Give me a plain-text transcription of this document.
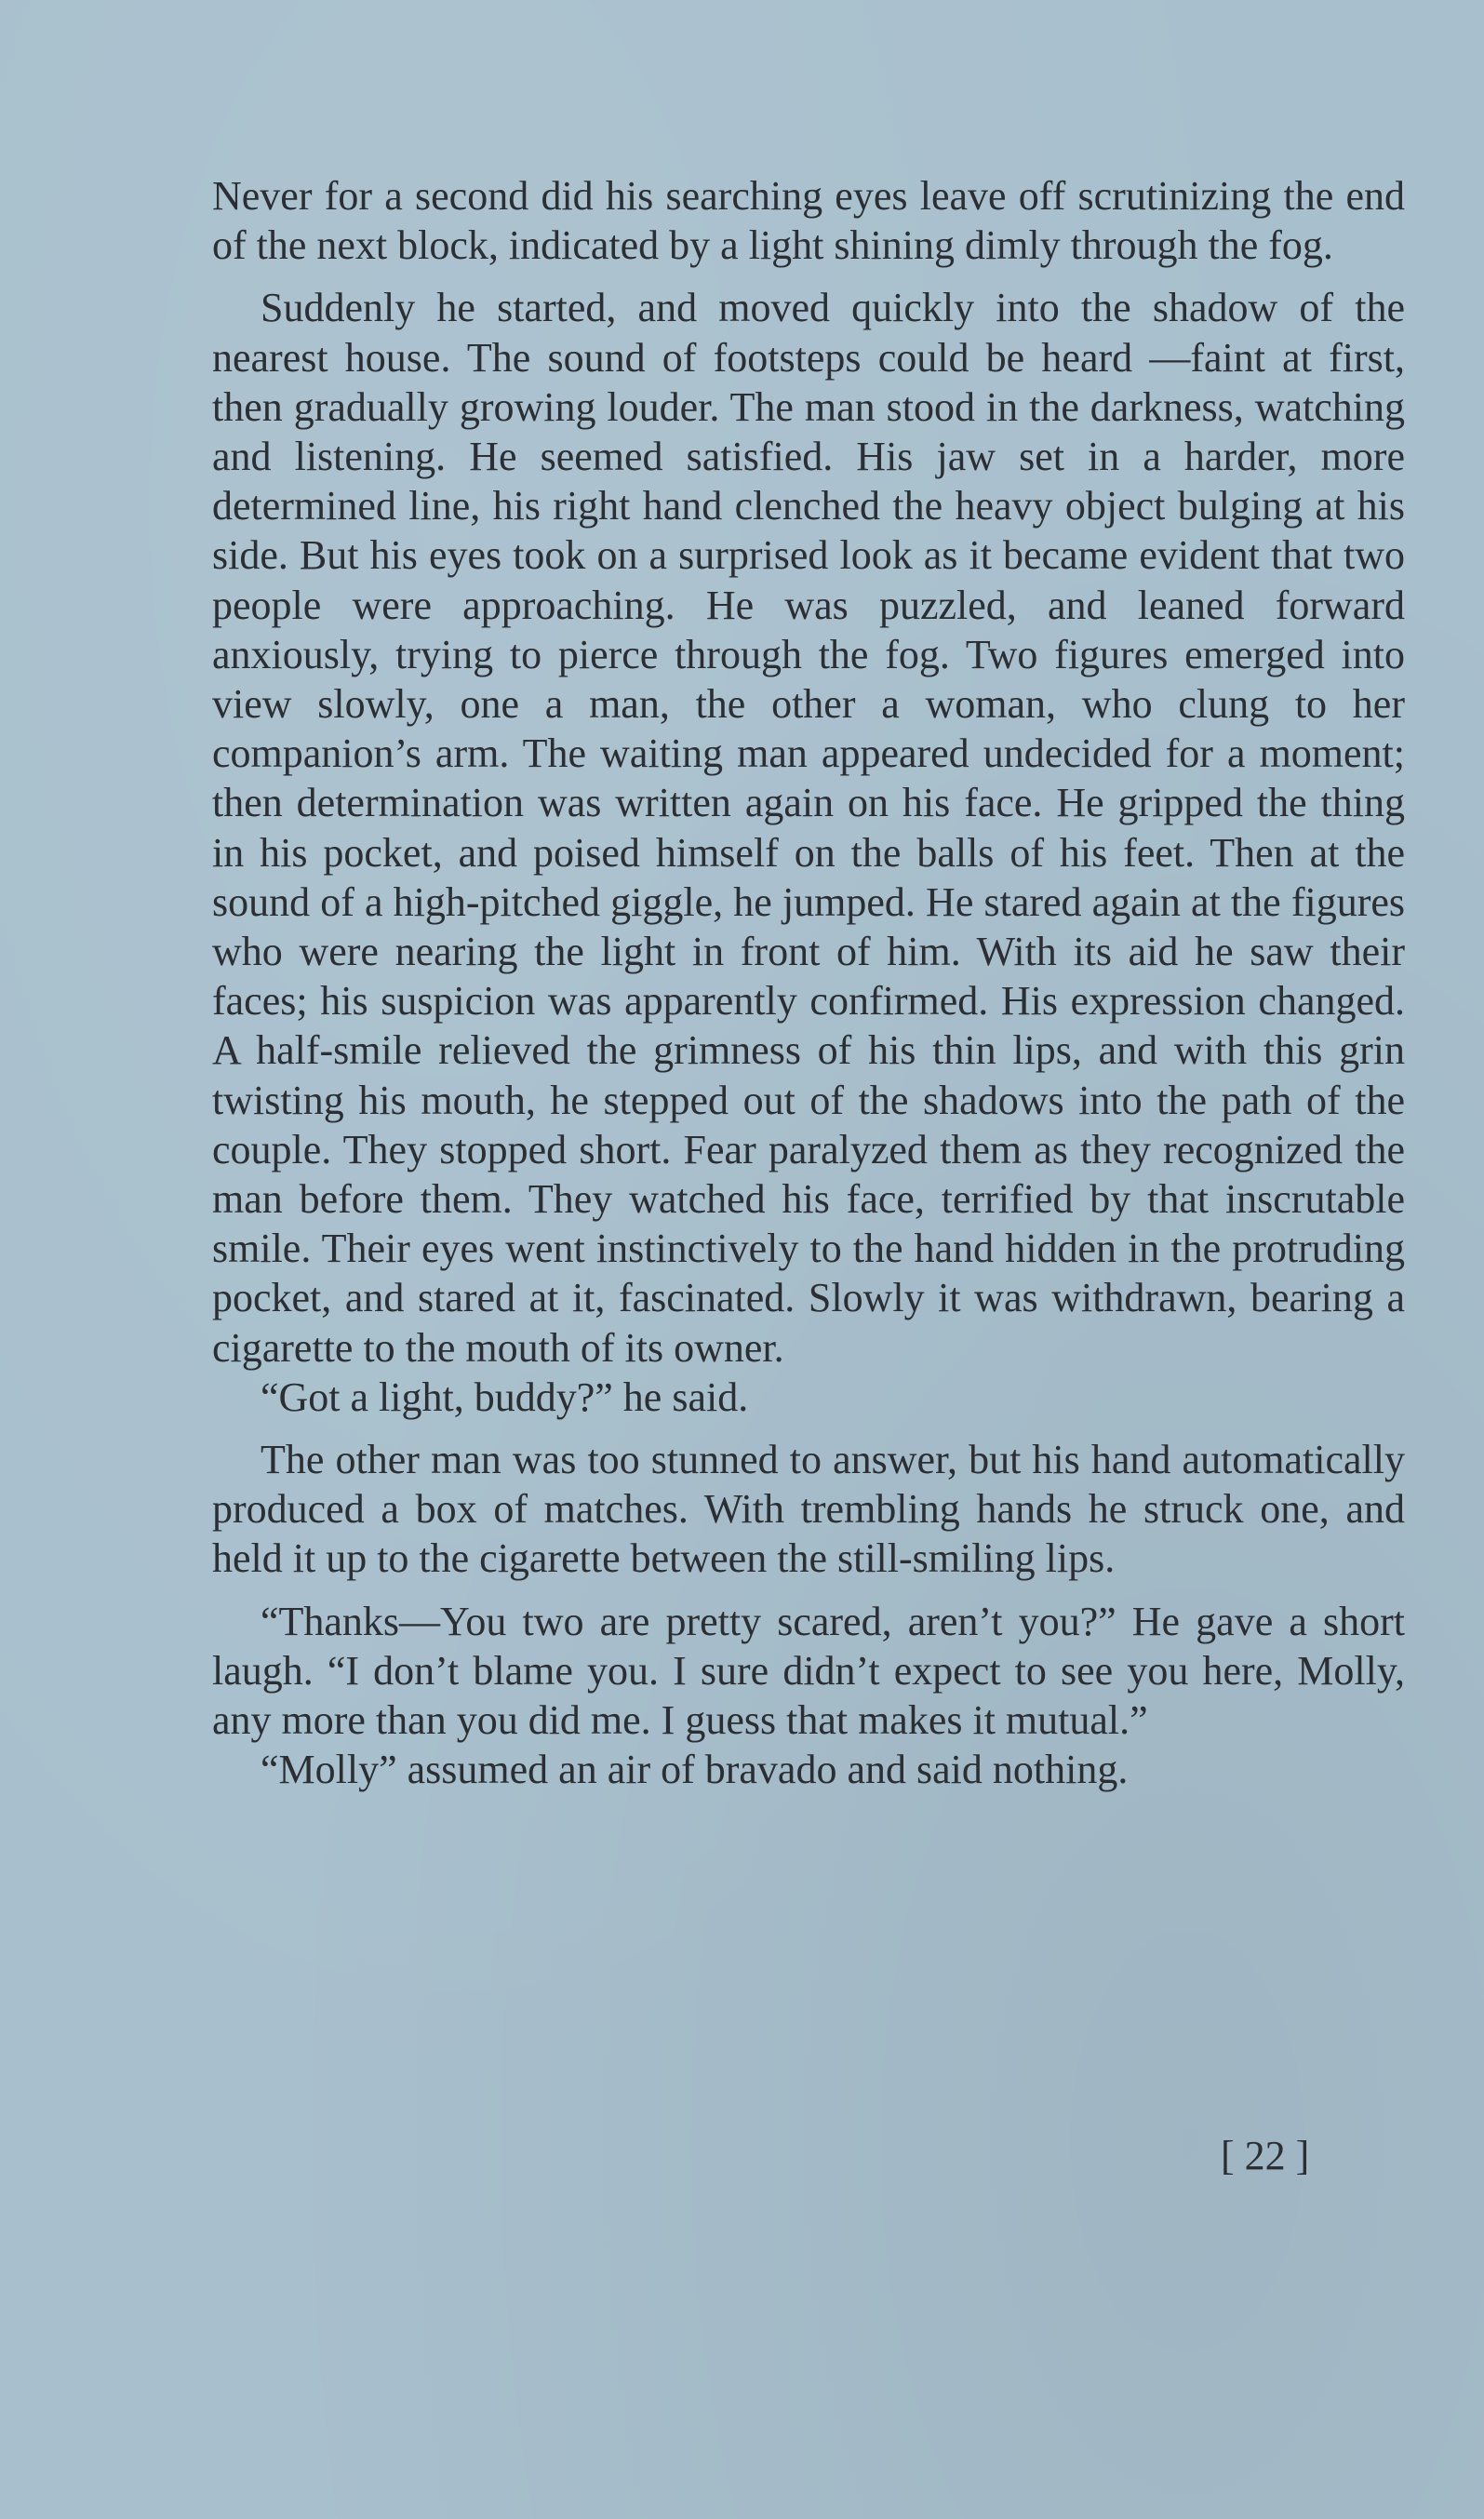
Never for a second did his searching eyes leave off scrutinizing the end of the next block, indicated by a light shining dimly through the fog.

Suddenly he started, and moved quickly into the shadow of the nearest house. The sound of footsteps could be heard —faint at first, then gradually growing louder. The man stood in the darkness, watching and listening. He seemed satisfied. His jaw set in a harder, more determined line, his right hand clenched the heavy object bulging at his side. But his eyes took on a surprised look as it became evident that two people were approaching. He was puzzled, and leaned forward anxiously, trying to pierce through the fog. Two figures emerged into view slowly, one a man, the other a woman, who clung to her companion’s arm. The waiting man appeared undecided for a moment; then determination was written again on his face. He gripped the thing in his pocket, and poised himself on the balls of his feet. Then at the sound of a high-pitched giggle, he jumped. He stared again at the figures who were nearing the light in front of him. With its aid he saw their faces; his suspicion was apparently confirmed. His expression changed. A half-smile relieved the grimness of his thin lips, and with this grin twisting his mouth, he stepped out of the shadows into the path of the couple. They stopped short. Fear paralyzed them as they recognized the man before them. They watched his face, terrified by that inscrutable smile. Their eyes went instinctively to the hand hidden in the protruding pocket, and stared at it, fascinated. Slowly it was withdrawn, bearing a cigarette to the mouth of its owner.

“Got a light, buddy?” he said.

The other man was too stunned to answer, but his hand automatically produced a box of matches. With trembling hands he struck one, and held it up to the cigarette between the still-smiling lips.

“Thanks—You two are pretty scared, aren’t you?” He gave a short laugh. “I don’t blame you. I sure didn’t expect to see you here, Molly, any more than you did me. I guess that makes it mutual.”

“Molly” assumed an air of bravado and said nothing.

[ 22 ]
